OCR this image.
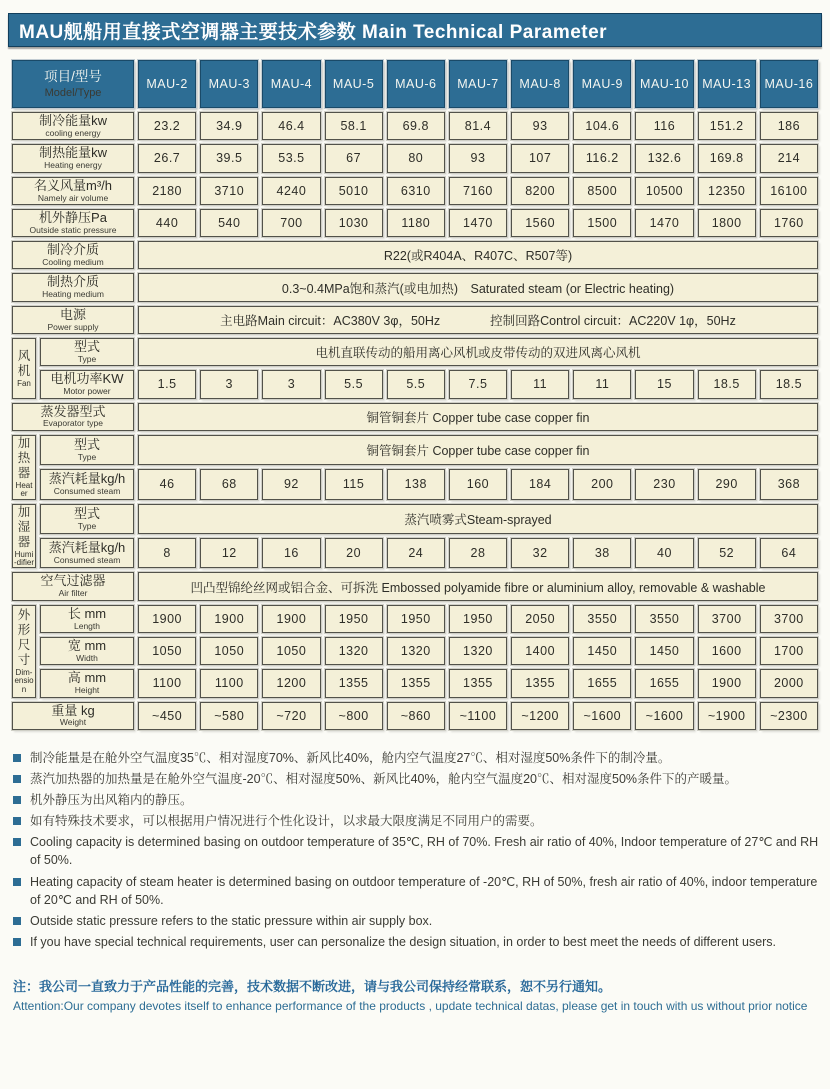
MAU舰船用直接式空调器主要技术参数 Main Technical Parameter
项目/型号
Model/Type		MAU-2	MAU-3	MAU-4	MAU-5	MAU-6	MAU-7	MAU-8	MAU-9	MAU-10	MAU-13	MAU-16

制冷能量kw
cooling energy		23.2	34.9	46.4	58.1	69.8	81.4	93	104.6	116	151.2	186

制热能量kw
Heating energy		26.7	39.5	53.5	67	80	93	107	116.2	132.6	169.8	214

名义风量m³/h
Namely air volume		2180	3710	4240	5010	6310	7160	8200	8500	10500	12350	16100

机外静压Pa
Outside static pressure		440	540	700	1030	1180	1470	1560	1500	1470	1800	1760

制冷介质
Cooling medium		R22(或R404A、R407C、R507等)										

制热介质
Heating medium		0.3~0.4MPa饱和蒸汽(或电加热)　Saturated steam (or Electric heating)										

电源
Power supply		主电路Main circuit：AC380V 3φ，50Hz　　　　控制回路Control circuit：AC220V 1φ，50Hz										

风机
Fan

型式
Type	电机直联传动的船用离心风机或皮带传动的双进风离心风机

	电机功率KW
Motor power	1.5	3	3	5.5	5.5	7.5	11	11	15	18.5	18.5

蒸发器型式
Evaporator type		铜管铜套片 Copper tube case copper fin										

加热器
Heater

型式
Type	铜管铜套片 Copper tube case copper fin

	蒸汽耗量kg/h
Consumed steam	46	68	92	115	138	160	184	200	230	290	368

加湿器
Humi-difier

型式
Type	蒸汽喷雾式Steam-sprayed

	蒸汽耗量kg/h
Consumed steam	8	12	16	20	24	28	32	38	40	52	64

空气过滤器
Air filter		凹凸型锦纶丝网或铝合金、可拆洗 Embossed polyamide fibre or aluminium alloy, removable & washable										

外形尺寸
Dim-ension

长 mm
Length	1900	1900	1900	1950	1950	1950	2050	3550	3550	3700	3700

	宽 mm
Width	1050	1050	1050	1320	1320	1320	1400	1450	1450	1600	1700

	高 mm
Height	1100	1100	1200	1355	1355	1355	1355	1655	1655	1900	2000

重量 kg
Weight		~450	~580	~720	~800	~860	~1100	~1200	~1600	~1600	~1900	~2300
制冷能量是在舱外空气温度35℃、相对湿度70%、新风比40%，舱内空气温度27℃、相对湿度50%条件下的制冷量。
蒸汽加热器的加热量是在舱外空气温度-20℃、相对湿度50%、新风比40%，舱内空气温度20℃、相对湿度50%条件下的产暖量。
机外静压为出风箱内的静压。
如有特殊技术要求，可以根据用户情况进行个性化设计，以求最大限度满足不同用户的需要。
Cooling capacity is determined basing on outdoor temperature of 35℃, RH of 70%. Fresh air ratio of 40%, Indoor temperature of 27℃ and RH of 50%.
Heating capacity of steam heater is determined basing on outdoor temperature of -20℃, RH of 50%, fresh air ratio of 40%, indoor temperature of 20℃ and RH of 50%.
Outside static pressure refers to the static pressure within air supply box.
If you have special technical requirements, user can personalize the design situation, in order to best meet the needs of different users.
注：我公司一直致力于产品性能的完善，技术数据不断改进，请与我公司保持经常联系，恕不另行通知。
Attention:Our company devotes itself to enhance performance of the products , update technical datas, please get in touch with us without prior notice
